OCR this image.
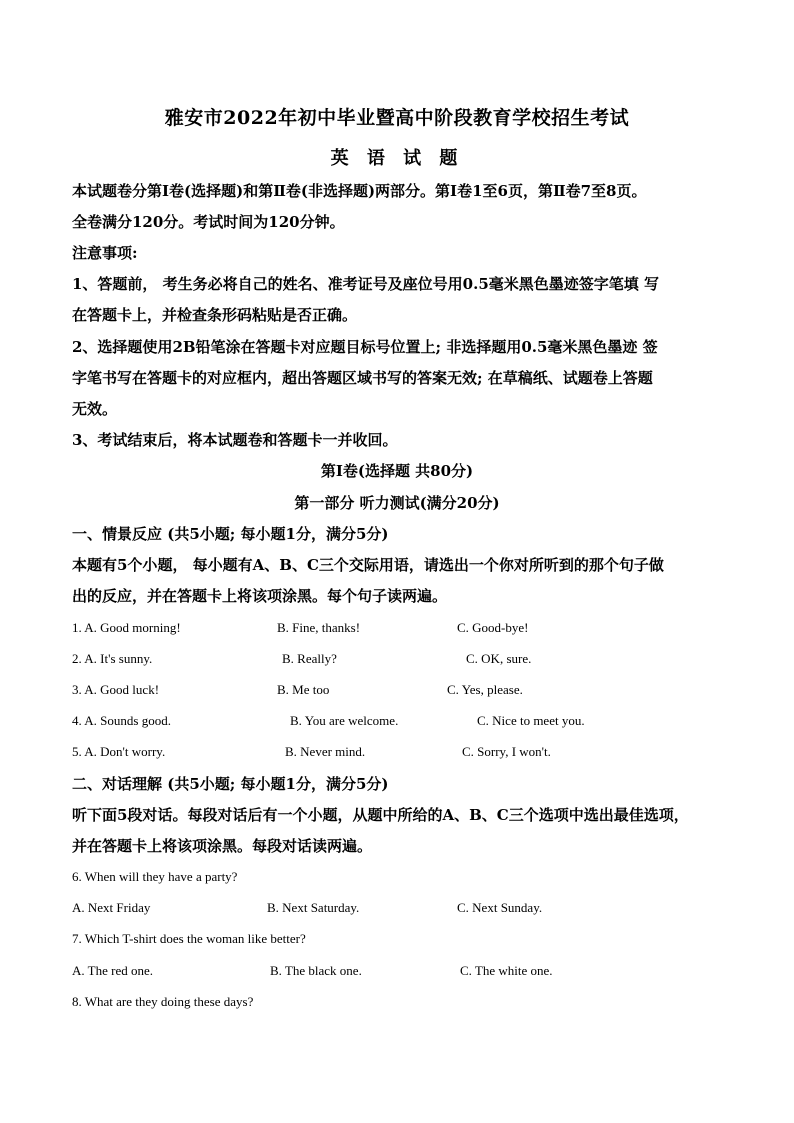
雅安市2022年初中毕业暨高中阶段教育学校招生考试
英 语 试 题
本试题卷分第Ⅰ卷(选择题)和第Ⅱ卷(非选择题)两部分。第Ⅰ卷1至6页，第Ⅱ卷7至8页。
全卷满分120分。考试时间为120分钟。
注意事项:
1、答题前， 考生务必将自己的姓名、准考证号及座位号用0.5毫米黑色墨迹签字笔填 写
在答题卡上，并检查条形码粘贴是否正确。
2、选择题使用2B铅笔涂在答题卡对应题目标号位置上; 非选择题用0.5毫米黑色墨迹 签
字笔书写在答题卡的对应框内，超出答题区域书写的答案无效; 在草稿纸、试题卷上答题
无效。
3、考试结束后，将本试题卷和答题卡一并收回。
第Ⅰ卷(选择题 共80分)
第一部分 听力测试(满分20分)
一、情景反应 (共5小题; 每小题1分，满分5分)
本题有5个小题， 每小题有A、B、C三个交际用语，请选出一个你对所听到的那个句子做
出的反应，并在答题卡上将该项涂黑。每个句子读两遍。
1. A. Good morning!	B. Fine, thanks!	C. Good-bye!
2. A. It's sunny.	B. Really?	C. OK, sure.
3. A. Good luck!	B. Me too	C. Yes, please.
4. A. Sounds good.	B. You are welcome.	C. Nice to meet you.
5. A. Don't worry.	B. Never mind.	C. Sorry, I won't.
二、对话理解 (共5小题; 每小题1分，满分5分)
听下面5段对话。每段对话后有一个小题，从题中所给的A、B、C三个选项中选出最佳选项，
并在答题卡上将该项涂黑。每段对话读两遍。
6. When will they have a party?
A. Next Friday	B. Next Saturday.	C. Next Sunday.
7. Which T-shirt does the woman like better?
A. The red one.	B. The black one.	C. The white one.
8. What are they doing these days?
